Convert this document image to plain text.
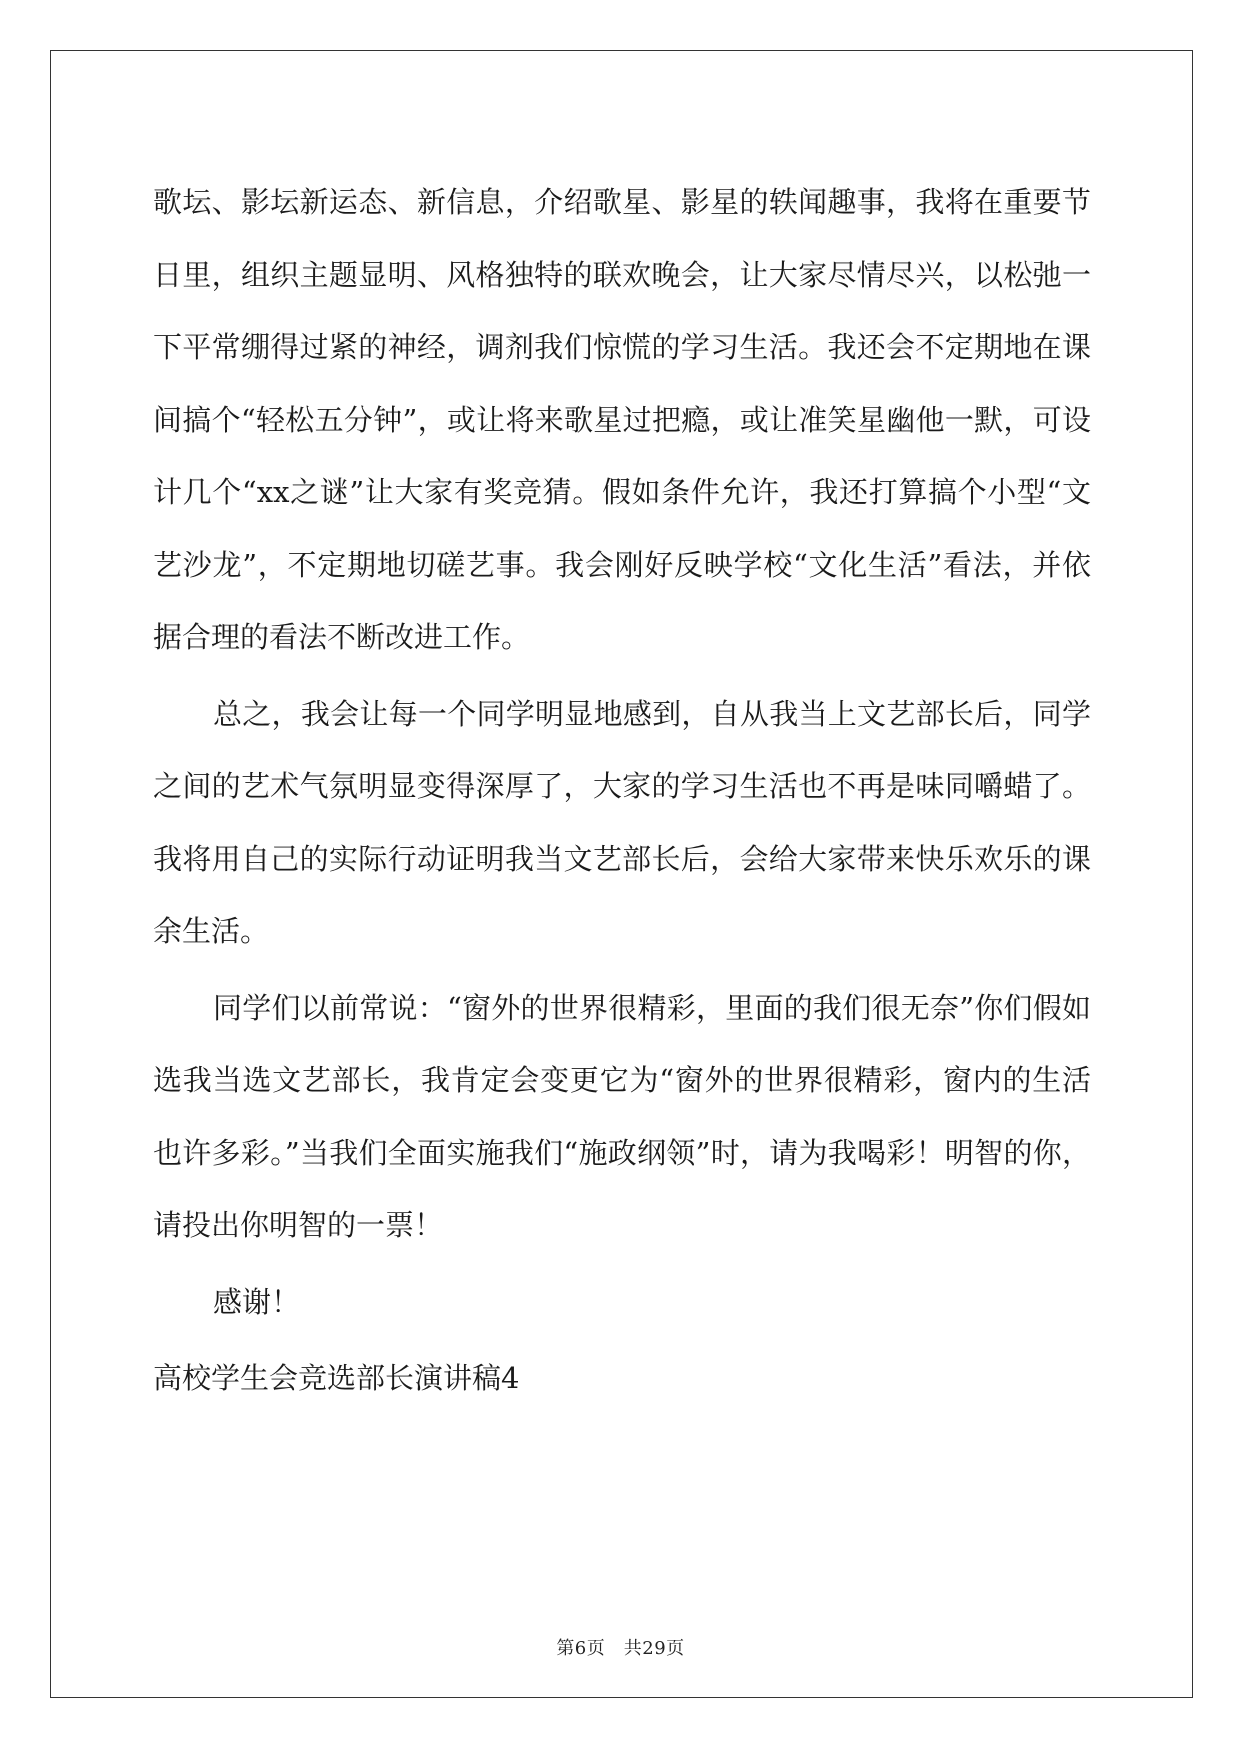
歌坛、影坛新运态、新信息，介绍歌星、影星的轶闻趣事，我将在重要节日里，组织主题显明、风格独特的联欢晚会，让大家尽情尽兴，以松弛一下平常绷得过紧的神经，调剂我们惊慌的学习生活。我还会不定期地在课间搞个“轻松五分钟”，或让将来歌星过把瘾，或让准笑星幽他一默，可设计几个“xx之谜”让大家有奖竞猜。假如条件允许，我还打算搞个小型“文艺沙龙”，不定期地切磋艺事。我会刚好反映学校“文化生活”看法，并依据合理的看法不断改进工作。

总之，我会让每一个同学明显地感到，自从我当上文艺部长后，同学之间的艺术气氛明显变得深厚了，大家的学习生活也不再是味同嚼蜡了。我将用自己的实际行动证明我当文艺部长后，会给大家带来快乐欢乐的课余生活。

同学们以前常说：“窗外的世界很精彩，里面的我们很无奈”你们假如选我当选文艺部长，我肯定会变更它为“窗外的世界很精彩，窗内的生活也许多彩。”当我们全面实施我们“施政纲领”时，请为我喝彩！明智的你，请投出你明智的一票！

感谢！

高校学生会竞选部长演讲稿4

第6页　共29页
